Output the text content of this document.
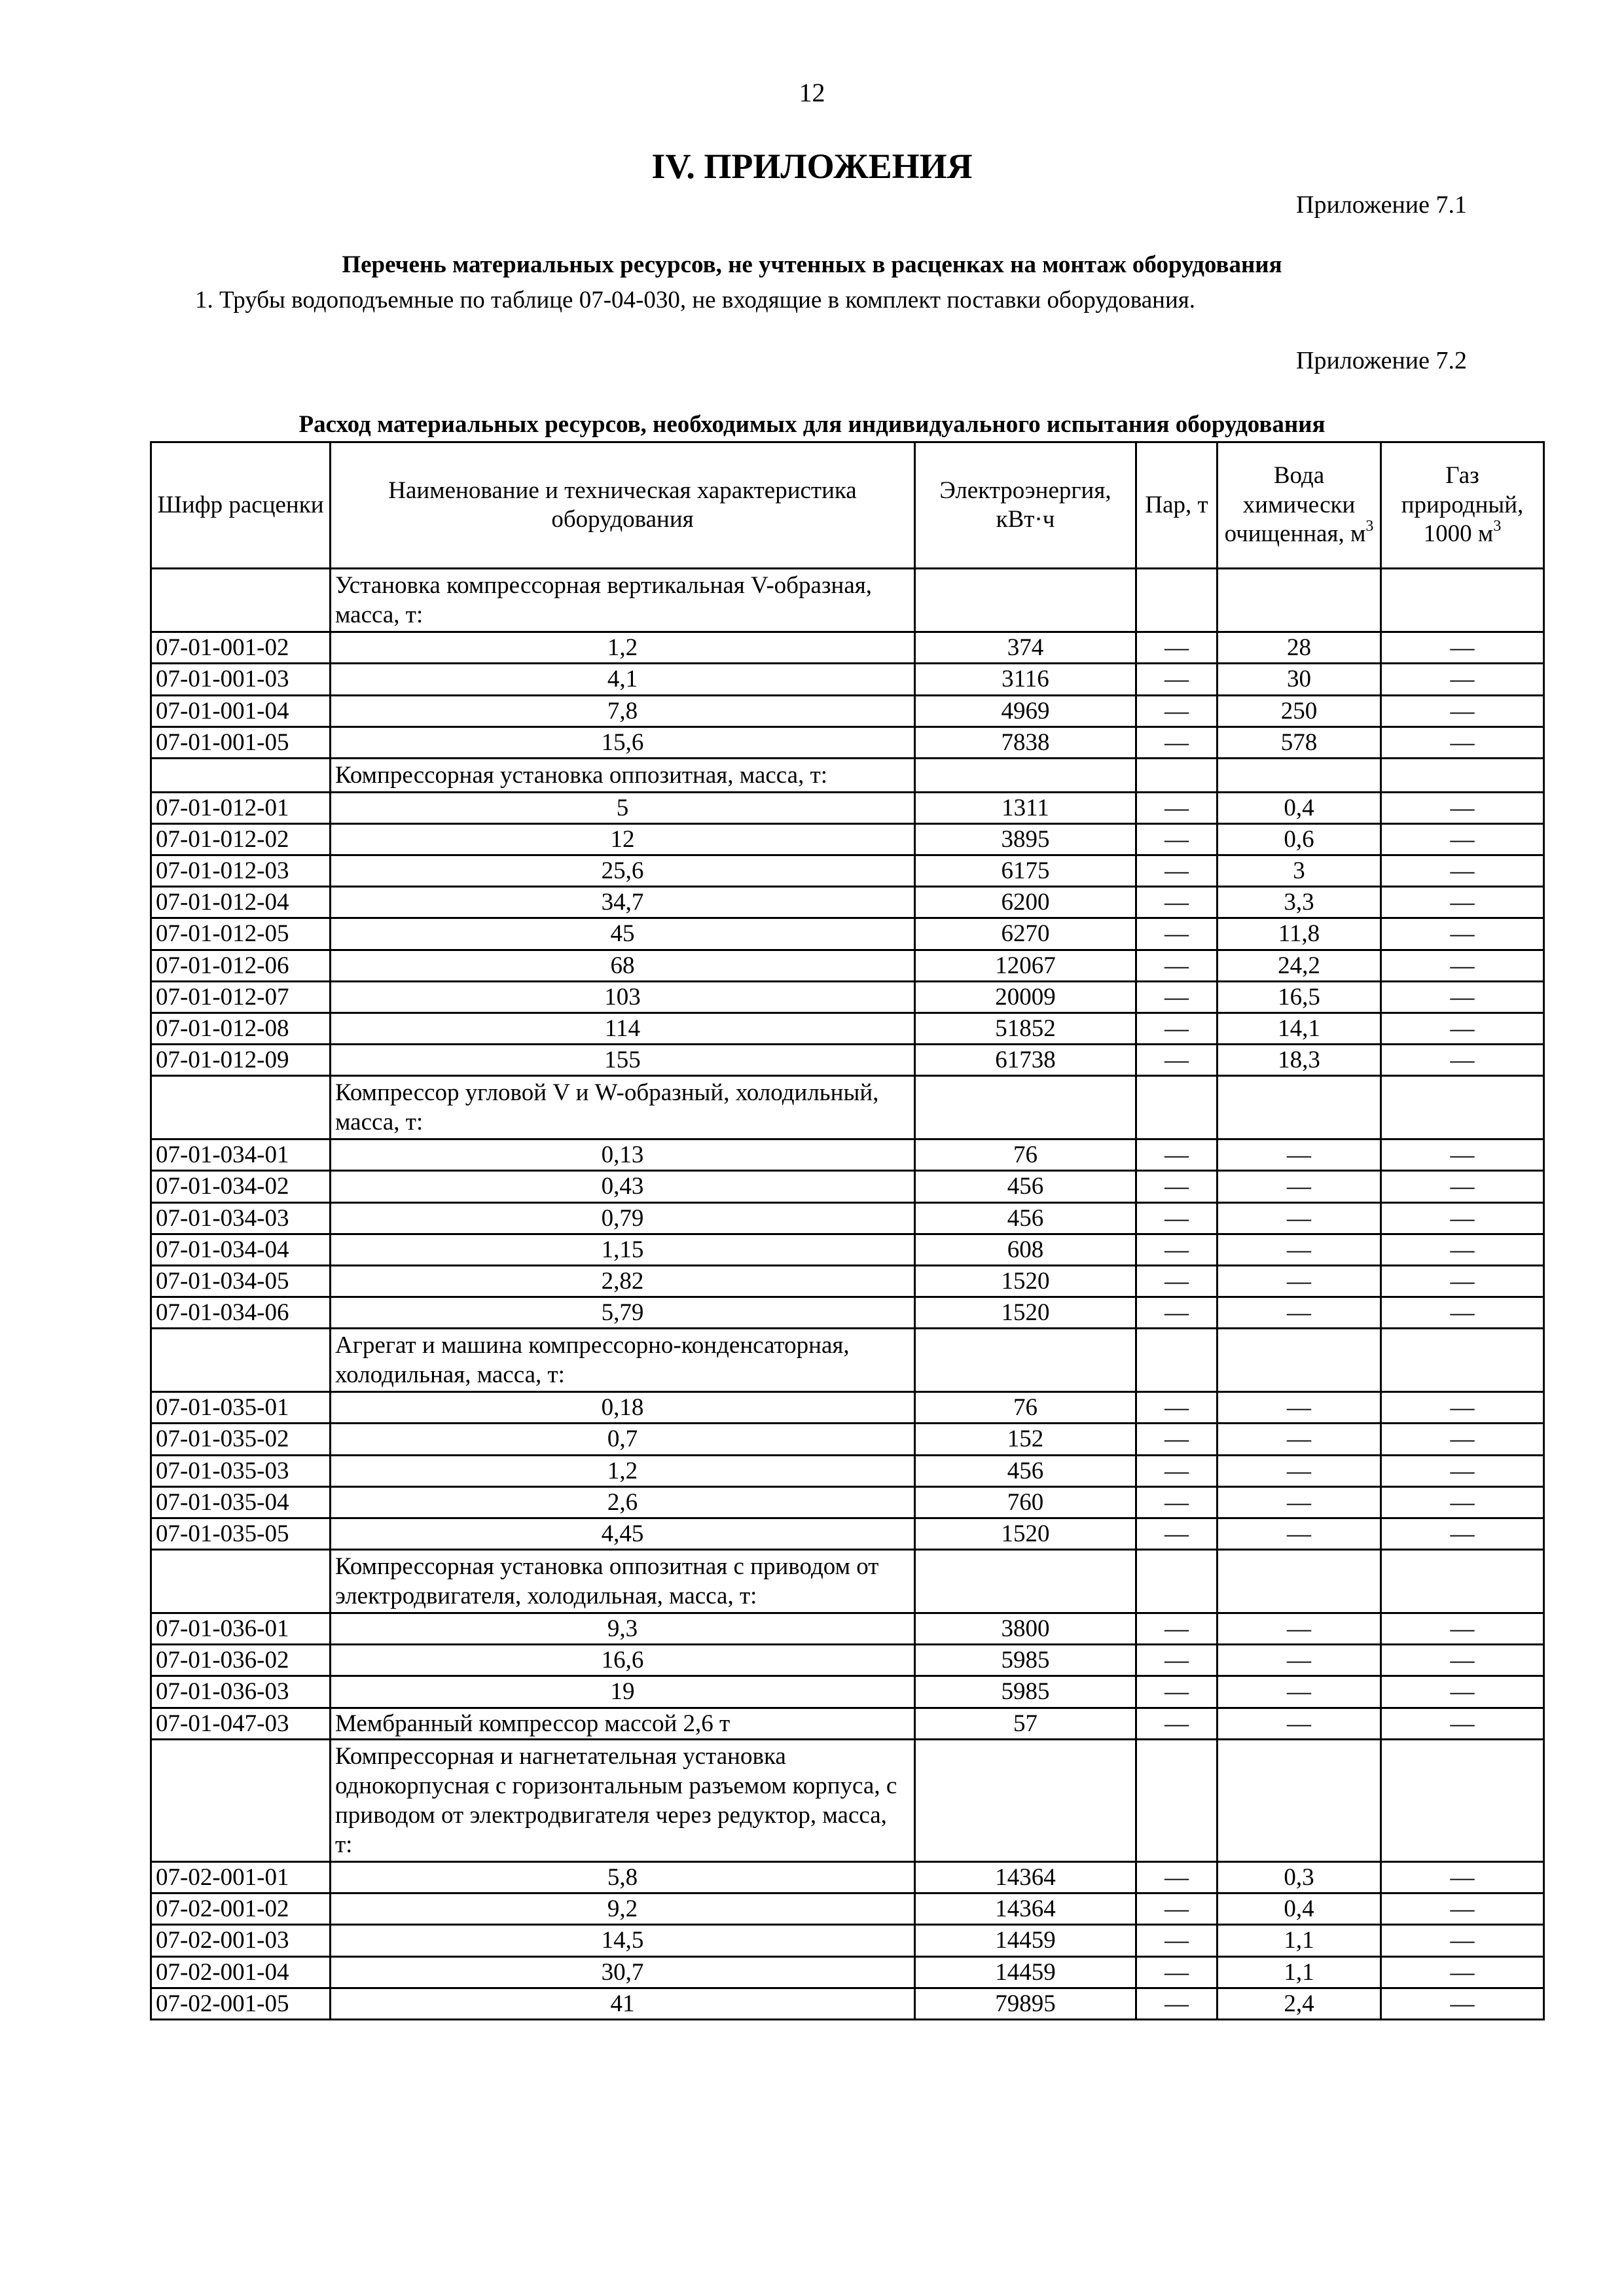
12
IV. ПРИЛОЖЕНИЯ
Приложение 7.1
Перечень материальных ресурсов, не учтенных в расценках на монтаж оборудования
1. Трубы водоподъемные по таблице 07-04-030, не входящие в комплект поставки оборудования.
Приложение 7.2
Расход материальных ресурсов, необходимых для индивидуального испытания оборудования
Шифр расценки	Наименование и техническая характеристика оборудования	Электроэнергия, кВт·ч	Пар, т	Вода химически очищенная, $м^3$	Газ природный, 1000 $м^3$
	Установка компрессорная вертикальная V-образная, масса, т:				
07-01-001-02	1,2	374	—	28	—
07-01-001-03	4,1	3116	—	30	—
07-01-001-04	7,8	4969	—	250	—
07-01-001-05	15,6	7838	—	578	—
	Компрессорная установка оппозитная, масса, т:				
07-01-012-01	5	1311	—	0,4	—
07-01-012-02	12	3895	—	0,6	—
07-01-012-03	25,6	6175	—	3	—
07-01-012-04	34,7	6200	—	3,3	—
07-01-012-05	45	6270	—	11,8	—
07-01-012-06	68	12067	—	24,2	—
07-01-012-07	103	20009	—	16,5	—
07-01-012-08	114	51852	—	14,1	—
07-01-012-09	155	61738	—	18,3	—
	Компрессор угловой V и W-образный, холодильный, масса, т:				
07-01-034-01	0,13	76	—	—	—
07-01-034-02	0,43	456	—	—	—
07-01-034-03	0,79	456	—	—	—
07-01-034-04	1,15	608	—	—	—
07-01-034-05	2,82	1520	—	—	—
07-01-034-06	5,79	1520	—	—	—
	Агрегат и машина компрессорно-конденсаторная, холодильная, масса, т:				
07-01-035-01	0,18	76	—	—	—
07-01-035-02	0,7	152	—	—	—
07-01-035-03	1,2	456	—	—	—
07-01-035-04	2,6	760	—	—	—
07-01-035-05	4,45	1520	—	—	—
	Компрессорная установка оппозитная с приводом от электродвигателя, холодильная, масса, т:				
07-01-036-01	9,3	3800	—	—	—
07-01-036-02	16,6	5985	—	—	—
07-01-036-03	19	5985	—	—	—
07-01-047-03	Мембранный компрессор массой 2,6 т	57	—	—	—
	Компрессорная и нагнетательная установка однокорпусная с горизонтальным разъемом корпуса, с приводом от электродвигателя через редуктор, масса, т:				
07-02-001-01	5,8	14364	—	0,3	—
07-02-001-02	9,2	14364	—	0,4	—
07-02-001-03	14,5	14459	—	1,1	—
07-02-001-04	30,7	14459	—	1,1	—
07-02-001-05	41	79895	—	2,4	—
